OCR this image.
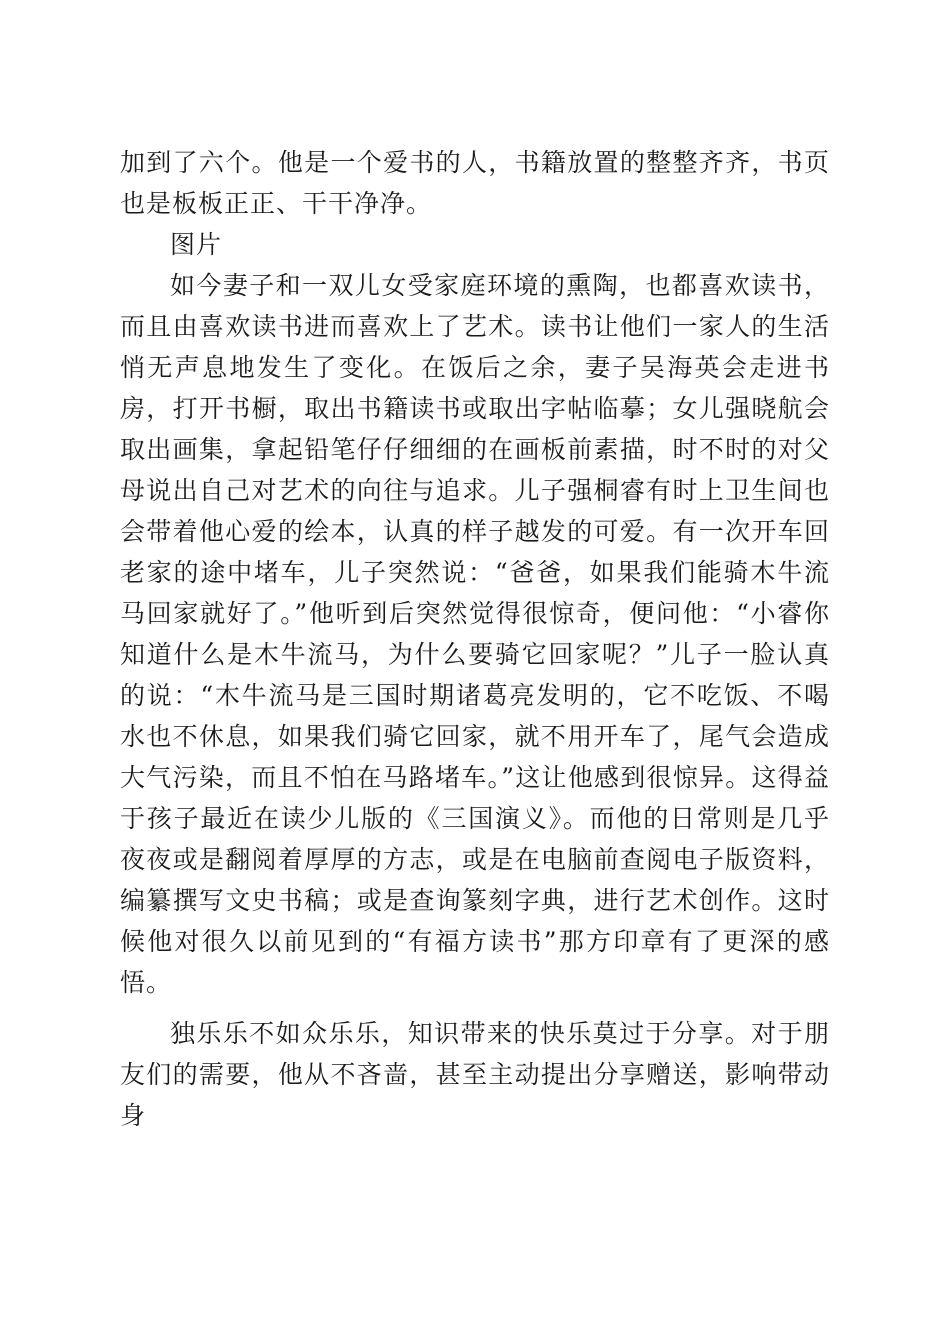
加到了六个。他是一个爱书的人，书籍放置的整整齐齐，书页也是板板正正、干干净净。

图片

如今妻子和一双儿女受家庭环境的熏陶，也都喜欢读书，而且由喜欢读书进而喜欢上了艺术。读书让他们一家人的生活悄无声息地发生了变化。在饭后之余，妻子吴海英会走进书房，打开书橱，取出书籍读书或取出字帖临摹；女儿强晓航会取出画集，拿起铅笔仔仔细细的在画板前素描，时不时的对父母说出自己对艺术的向往与追求。儿子强桐睿有时上卫生间也会带着他心爱的绘本，认真的样子越发的可爱。有一次开车回老家的途中堵车，儿子突然说：“爸爸，如果我们能骑木牛流马回家就好了。”他听到后突然觉得很惊奇，便问他：“小睿你知道什么是木牛流马，为什么要骑它回家呢？”儿子一脸认真的说：“木牛流马是三国时期诸葛亮发明的，它不吃饭、不喝水也不休息，如果我们骑它回家，就不用开车了，尾气会造成大气污染，而且不怕在马路堵车。”这让他感到很惊异。这得益于孩子最近在读少儿版的《三国演义》。而他的日常则是几乎夜夜或是翻阅着厚厚的方志，或是在电脑前查阅电子版资料，编纂撰写文史书稿；或是查询篆刻字典，进行艺术创作。这时候他对很久以前见到的“有福方读书”那方印章有了更深的感悟。

独乐乐不如众乐乐，知识带来的快乐莫过于分享。对于朋友们的需要，他从不吝啬，甚至主动提出分享赠送，影响带动身
